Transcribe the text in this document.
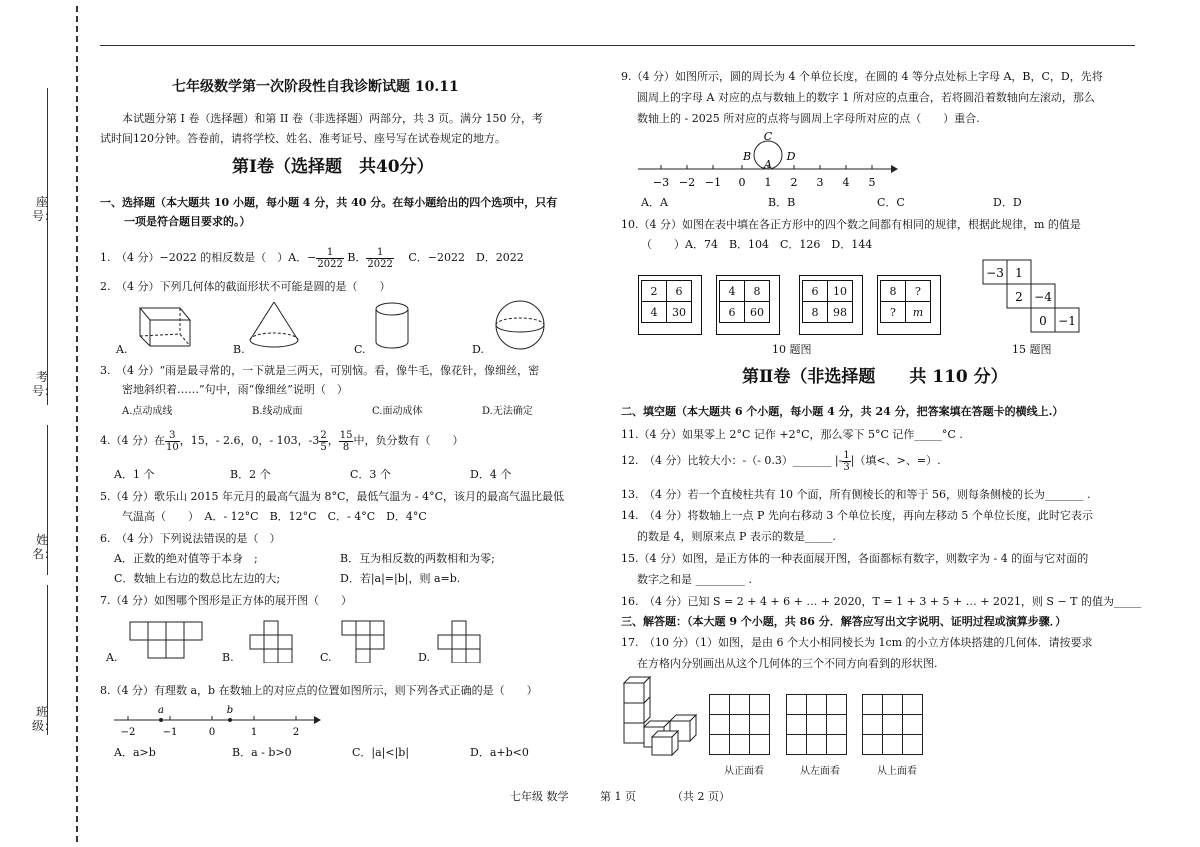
座号：
考号：
姓名：
班级：
七年级数学第一次阶段性自我诊断试题 10.11
本试题分第 I 卷（选择题）和第 II 卷（非选择题）两部分，共 3 页。满分 150 分，考
试时间120分钟。答卷前，请将学校、姓名、准考证号、座号写在试卷规定的地方。
第Ⅰ卷（选择题　共40分）
一、选择题（本大题共 10 小题，每小题 4 分，共 40 分。在每小题给出的四个选项中，只有
一项是符合题目要求的。）
1.　（4 分）−2022 的相反数是（　）A．− $\frac{1}{2022}$ B． $\frac{1}{2022}$
　 C．−2022　D．2022
2.　（4 分）下列几何体的截面形状不可能是圆的是（　　）
A.	B.	C.	D.
3.　（4 分）“雨是最寻常的，一下就是三两天，可别恼。看，像牛毛，像花针，像细丝，密
密地斜织着……”句中，雨“像细丝”说明（　）
A.点动成线	B.线动成面	C.面动成体	D.无法确定
4.（4 分）在 $\frac{3}{10}$ ，15，- 2.6，0，- 103，$-3 \frac{2}{5}$ ， $\frac{15}{8}$ 中，负分数有（　　）
A．1 个	B．2 个	C．3 个	D．4 个
5.（4 分）歌乐山 2015 年元月的最高气温为 8°C，最低气温为 - 4°C，该月的最高气温比最低
气温高（　　）　A．- 12°C　B．12°C　C．- 4°C　D．4°C
6.　（4 分）下列说法错误的是（　）
A．正数的绝对值等于本身　;	B．互为相反数的两数相和为零;
C．数轴上右边的数总比左边的大;	D．若|a|=|b|，则 a=b.
7.（4 分）如图哪个图形是正方体的展开图（　　）
A.	B.	C.	D.
8.（4 分）有理数 a，b 在数轴上的对应点的位置如图所示，则下列各式正确的是（　　）
a	b
−2	−1	0	1	2
A．a>b	B．a - b>0	C．|a|<|b|	D．a+b<0
9.（4 分）如图所示，圆的周长为 4 个单位长度，在圆的 4 等分点处标上字母 A，B，C，D，先将
圆周上的字母 A 对应的点与数轴上的数字 1 所对应的点重合，若将圆沿着数轴向左滚动，那么
数轴上的 - 2025 所对应的点将与圆周上字母所对应的点（　　）重合.
C
B
A
D
−3 −2 −1 0 1 2 3 4 5
A．A	B．B	C．C	D．D
10.（4 分）如图在表中填在各正方形中的四个数之间都有相同的规律，根据此规律，m 的值是
（　　）A．74　B．104　C．126　D．144
2	6
4	30
4	8
6	60
6	10
8	98
8	?
?	m
10 题图
−3 1
2 −4
0 −1
15 题图
第Ⅱ卷（非选择题　　共 110 分）
二、填空题（本大题共 6 个小题，每小题 4 分，共 24 分，把答案填在答题卡的横线上.）
11.（4 分）如果零上 2°C 记作 +2°C，那么零下 5°C 记作_____°C .
12.　（4 分）比较大小：-（- 0.3）_______ |- $\frac{1}{3}$ |（填<、>、=）.
13.　（4 分）若一个直棱柱共有 10 个面，所有侧棱长的和等于 56，则每条侧棱的长为_______ .
14.　（4 分）将数轴上一点 P 先向右移动 3 个单位长度，再向左移动 5 个单位长度，此时它表示
的数是 4，则原来点 P 表示的数是_____.
15.（4 分）如图，是正方体的一种表面展开图，各面都标有数字，则数字为 - 4 的面与它对面的
数字之和是 _________ .
16.　（4 分）已知 S = 2 + 4 + 6 + … + 2020，T = 1 + 3 + 5 + … + 2021，则 S − T 的值为_____
三、解答题：（本大题 9 个小题，共 86 分．解答应写出文字说明、证明过程或演算步骤．）
17.　（10 分）（1）如图，是由 6 个大小相同棱长为 1cm 的小立方体块搭建的几何体．请按要求
在方格内分别画出从这个几何体的三个不同方向看到的形状图.

从正面看	从左面看	从上面看
七年级 数学	第 1 页	（共 2 页）
